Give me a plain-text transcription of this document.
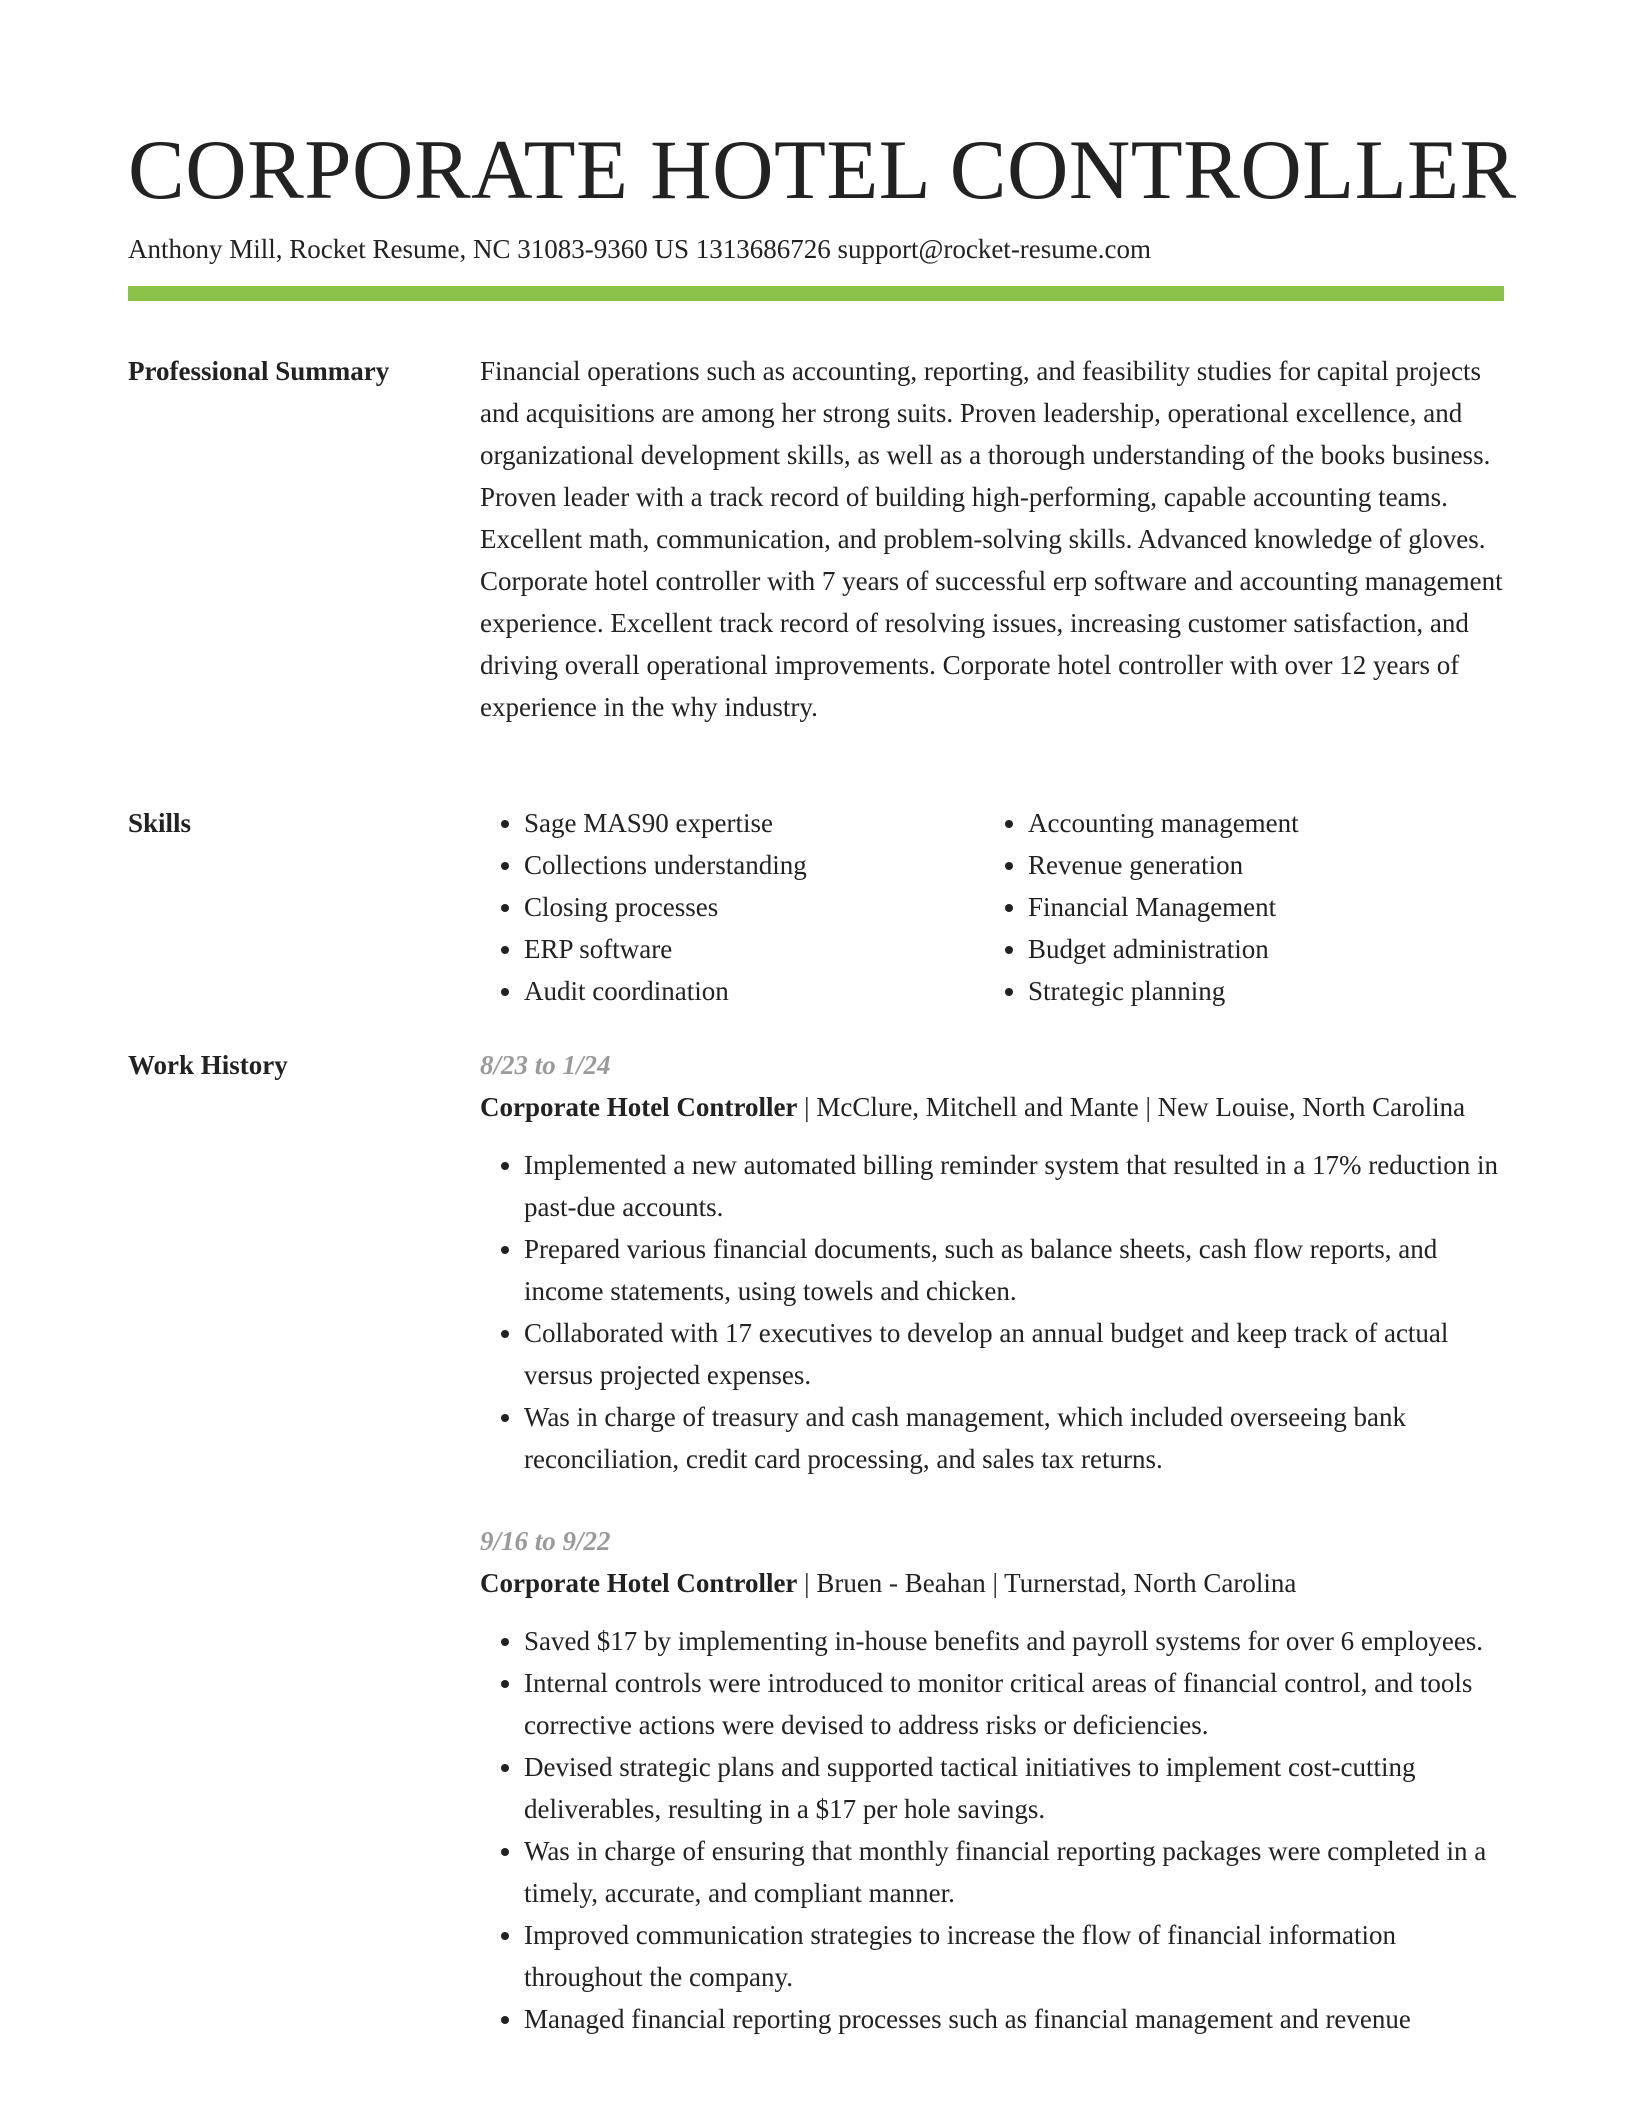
CORPORATE HOTEL CONTROLLER
Anthony Mill, Rocket Resume, NC 31083-9360 US 1313686726 support@rocket-resume.com
Professional Summary	Financial operations such as accounting, reporting, and feasibility studies for capital projects and acquisitions are among her strong suits. Proven leadership, operational excellence, and organizational development skills, as well as a thorough understanding of the books business. Proven leader with a track record of building high-performing, capable accounting teams. Excellent math, communication, and problem-solving skills. Advanced knowledge of gloves. Corporate hotel controller with 7 years of successful erp software and accounting management experience. Excellent track record of resolving issues, increasing customer satisfaction, and driving overall operational improvements. Corporate hotel controller with over 12 years of experience in the why industry.

Skills
•	Sage MAS90 expertise
• Collections understanding
• Closing processes
• ERP software
• Audit coordination
• Accounting management
• Revenue generation
• Financial Management
• Budget administration
• Strategic planning
Work History	8/23 to 1/24
Corporate Hotel Controller | McClure, Mitchell and Mante | New Louise, North Carolina
• Implemented a new automated billing reminder system that resulted in a 17% reduction in past-due accounts.
• Prepared various financial documents, such as balance sheets, cash flow reports, and income statements, using towels and chicken.
• Collaborated with 17 executives to develop an annual budget and keep track of actual versus projected expenses.
• Was in charge of treasury and cash management, which included overseeing bank reconciliation, credit card processing, and sales tax returns.
9/16 to 9/22
Corporate Hotel Controller | Bruen - Beahan | Turnerstad, North Carolina
• Saved $17 by implementing in-house benefits and payroll systems for over 6 employees.
• Internal controls were introduced to monitor critical areas of financial control, and tools corrective actions were devised to address risks or deficiencies.
• Devised strategic plans and supported tactical initiatives to implement cost-cutting deliverables, resulting in a $17 per hole savings.
• Was in charge of ensuring that monthly financial reporting packages were completed in a timely, accurate, and compliant manner.
• Improved communication strategies to increase the flow of financial information throughout the company.
• Managed financial reporting processes such as financial management and revenue
